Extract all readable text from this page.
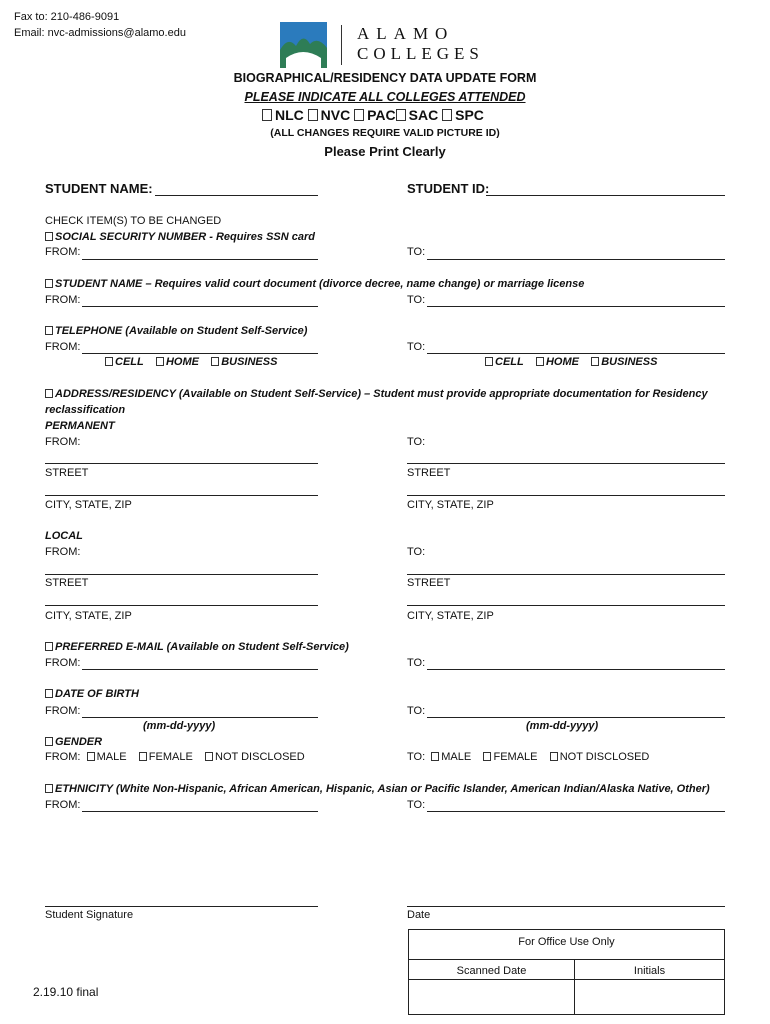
Fax to: 210-486-9091
Email: nvc-admissions@alamo.edu	ALAMO
COLLEGES
BIOGRAPHICAL/RESIDENCY DATA UPDATE FORM
PLEASE INDICATE ALL COLLEGES ATTENDED
NLC NVC PAC SAC SPC
(ALL CHANGES REQUIRE VALID PICTURE ID)
Please Print Clearly
STUDENT NAME:	STUDENT ID:
CHECK ITEM(S) TO BE CHANGED
SOCIAL SECURITY NUMBER - Requires SSN card
FROM:	TO:
STUDENT NAME – Requires valid court document (divorce decree, name change) or marriage license
FROM:	TO:
TELEPHONE (Available on Student Self-Service)
FROM:	TO:
CELL HOME BUSINESS	CELL HOME BUSINESS
ADDRESS/RESIDENCY (Available on Student Self-Service) – Student must provide appropriate documentation for Residency
reclassification
PERMANENT
FROM:	TO:
STREET	STREET
CITY, STATE, ZIP	CITY, STATE, ZIP
LOCAL
FROM:	TO:
STREET	STREET
CITY, STATE, ZIP	CITY, STATE, ZIP
PREFERRED E-MAIL (Available on Student Self-Service)
FROM:	TO:
DATE OF BIRTH
FROM:	TO:
(mm-dd-yyyy)	(mm-dd-yyyy)
GENDER
FROM: MALE FEMALE NOT DISCLOSED	TO: MALE FEMALE NOT DISCLOSED
ETHNICITY (White Non-Hispanic, African American, Hispanic, Asian or Pacific Islander, American Indian/Alaska Native, Other)
FROM:	TO:
Student Signature	Date
For Office Use Only
Scanned Date	Initials
2.19.10 final
